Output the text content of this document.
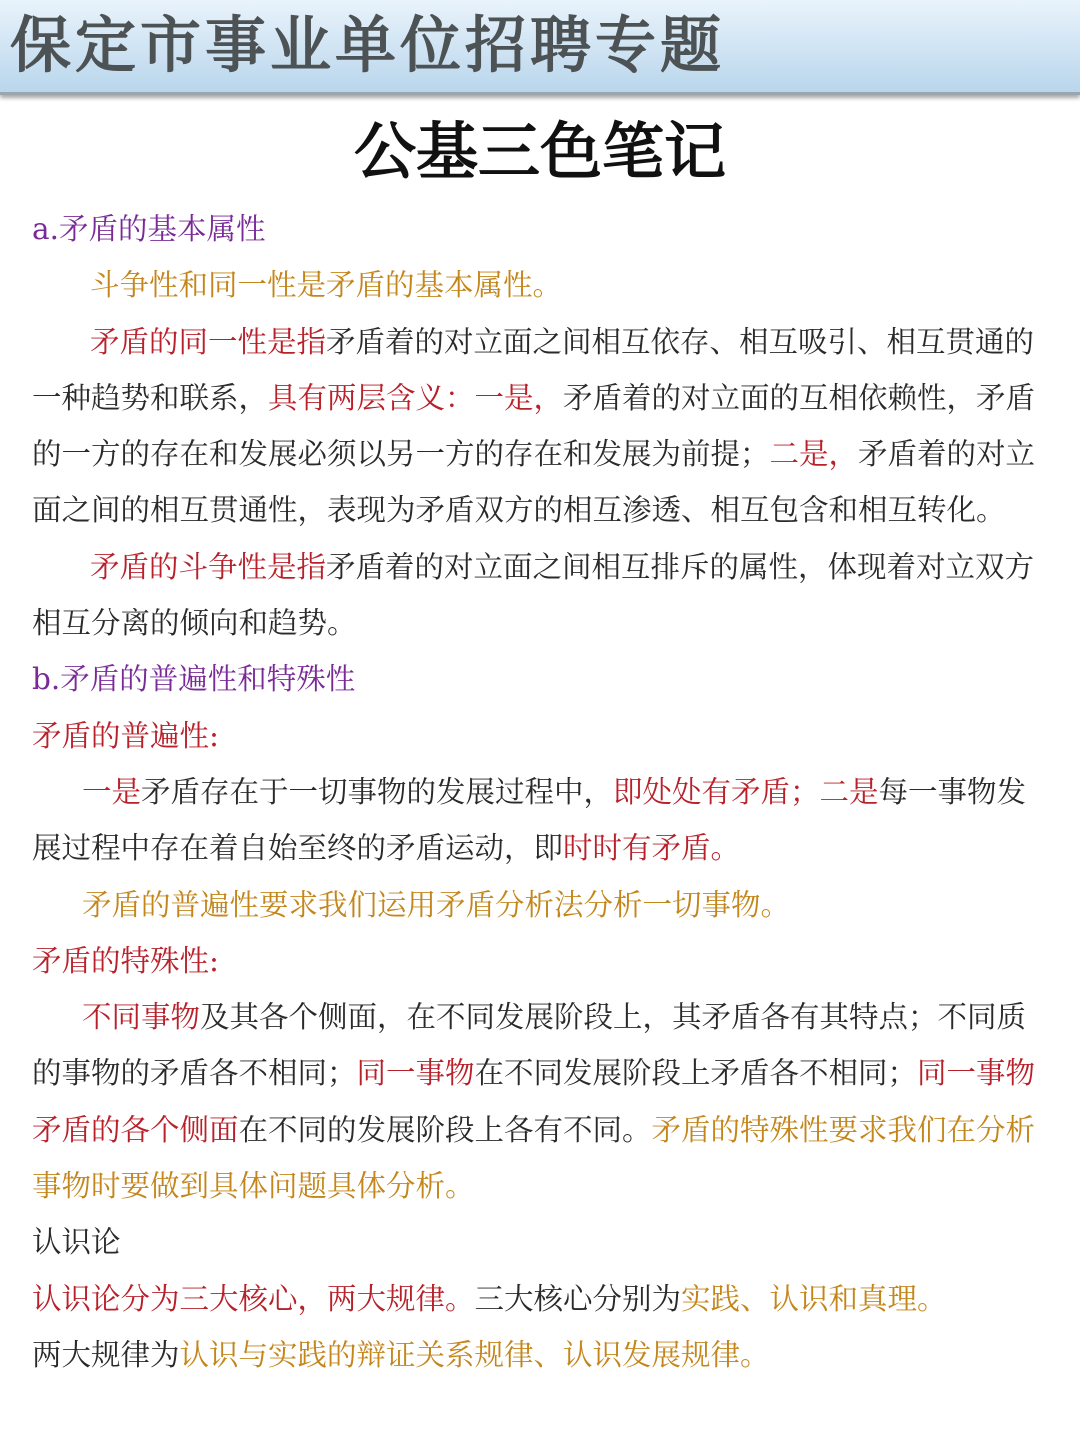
保定市事业单位招聘专题
公基三色笔记

a.矛盾的基本属性

斗争性和同一性是矛盾的基本属性。

矛盾的同一性是指矛盾着的对立面之间相互依存、相互吸引、相互贯通的一种趋势和联系，具有两层含义：一是，矛盾着的对立面的互相依赖性，矛盾的一方的存在和发展必须以另一方的存在和发展为前提；二是，矛盾着的对立面之间的相互贯通性，表现为矛盾双方的相互渗透、相互包含和相互转化。

矛盾的斗争性是指矛盾着的对立面之间相互排斥的属性，体现着对立双方相互分离的倾向和趋势。

b.矛盾的普遍性和特殊性

矛盾的普遍性:

一是矛盾存在于一切事物的发展过程中，即处处有矛盾；二是每一事物发展过程中存在着自始至终的矛盾运动，即时时有矛盾。

矛盾的普遍性要求我们运用矛盾分析法分析一切事物。

矛盾的特殊性:

不同事物及其各个侧面，在不同发展阶段上，其矛盾各有其特点；不同质的事物的矛盾各不相同；同一事物在不同发展阶段上矛盾各不相同；同一事物矛盾的各个侧面在不同的发展阶段上各有不同。矛盾的特殊性要求我们在分析事物时要做到具体问题具体分析。

认识论

认识论分为三大核心，两大规律。三大核心分别为实践、认识和真理。

两大规律为认识与实践的辩证关系规律、认识发展规律。
